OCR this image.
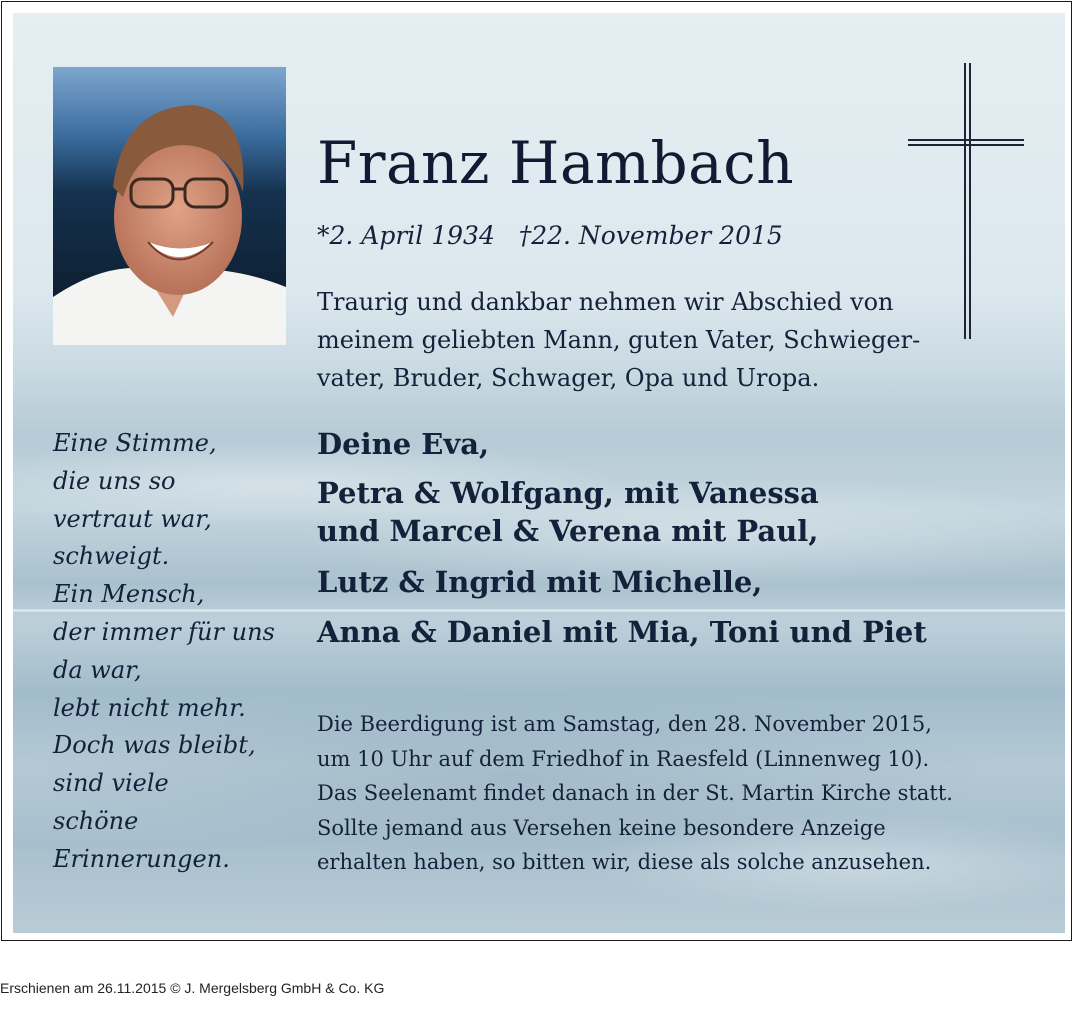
Franz Hambach

*2. April 1934   †22. November 2015

Traurig und dankbar nehmen wir Abschied von
meinem geliebten Mann, guten Vater, Schwieger-
vater, Bruder, Schwager, Opa und Uropa.

Eine Stimme,
die uns so
vertraut war,
schweigt.
Ein Mensch,
der immer für uns
da war,
lebt nicht mehr.
Doch was bleibt,
sind viele
schöne
Erinnerungen.

Deine Eva,

Petra & Wolfgang, mit Vanessa
und Marcel & Verena mit Paul,

Lutz & Ingrid mit Michelle,

Anna & Daniel mit Mia, Toni und Piet

Die Beerdigung ist am Samstag, den 28. November 2015,
um 10 Uhr auf dem Friedhof in Raesfeld (Linnenweg 10).
Das Seelenamt findet danach in der St. Martin Kirche statt.
Sollte jemand aus Versehen keine besondere Anzeige
erhalten haben, so bitten wir, diese als solche anzusehen.

Erschienen am 26.11.2015 © J. Mergelsberg GmbH & Co. KG
